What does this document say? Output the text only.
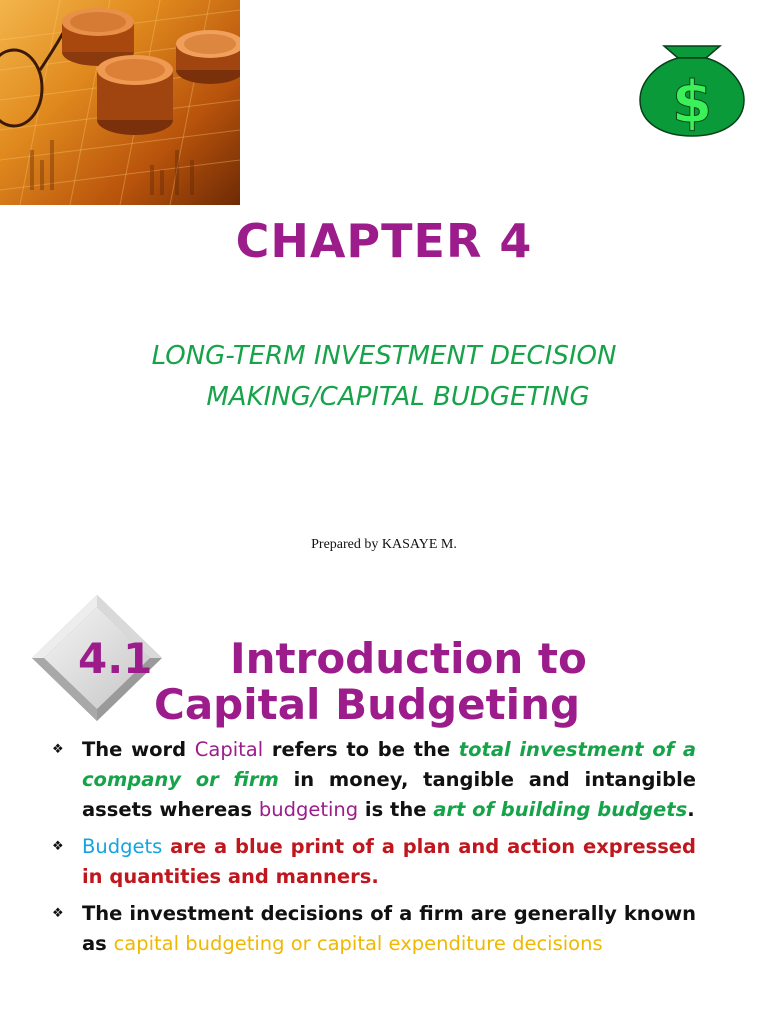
$
CHAPTER 4

LONG-TERM INVESTMENT DECISION
MAKING/CAPITAL BUDGETING

Prepared by KASAYE M.

4.1 Introduction to
Capital Budgeting
❖ The word Capital refers to be the total investment of a company or firm in money, tangible and intangible assets whereas budgeting is the art of building budgets.
❖ Budgets are a blue print of a plan and action expressed in quantities and manners.
❖ The investment decisions of a firm are generally known as capital budgeting or capital expenditure decisions
